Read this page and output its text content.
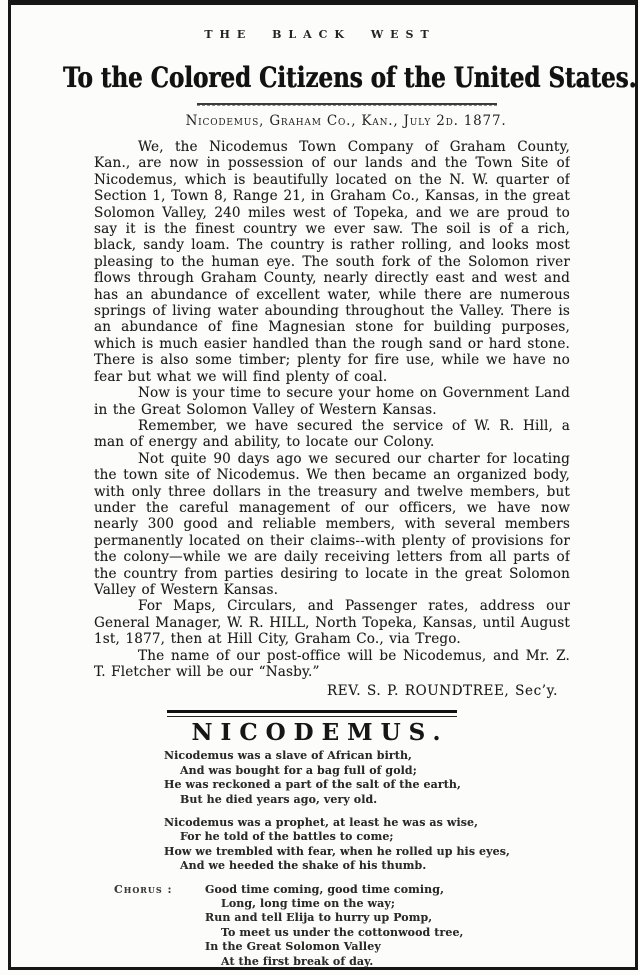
THE BLACK WEST
To the Colored Citizens of the United States.
Nicodemus, Graham Co., Kan., July 2d. 1877.

We, the Nicodemus Town Company of Graham County, Kan., are now in possession of our lands and the Town Site of Nicodemus, which is beautifully located on the N. W. quarter of Section 1, Town 8, Range 21, in Graham Co., Kansas, in the great Solomon Valley, 240 miles west of Topeka, and we are proud to say it is the finest country we ever saw. The soil is of a rich, black, sandy loam. The country is rather rolling, and looks most pleasing to the human eye. The south fork of the Solomon river flows through Graham County, nearly directly east and west and has an abundance of excellent water, while there are numerous springs of living water abounding throughout the Valley. There is an abundance of fine Magnesian stone for building purposes, which is much easier handled than the rough sand or hard stone. There is also some timber; plenty for fire use, while we have no fear but what we will find plenty of coal.

Now is your time to secure your home on Government Land in the Great Solomon Valley of Western Kansas.

Remember, we have secured the service of W. R. Hill, a man of energy and ability, to locate our Colony.

Not quite 90 days ago we secured our charter for locating the town site of Nicodemus. We then became an organized body, with only three dollars in the treasury and twelve members, but under the careful management of our officers, we have now nearly 300 good and reliable members, with several members permanently located on their claims--with plenty of provisions for the colony—while we are daily receiving letters from all parts of the country from parties desiring to locate in the great Solomon Valley of Western Kansas.

For Maps, Circulars, and Passenger rates, address our General Manager, W. R. HILL, North Topeka, Kansas, until August 1st, 1877, then at Hill City, Graham Co., via Trego.

The name of our post-office will be Nicodemus, and Mr. Z. T. Fletcher will be our “Nasby.”

REV. S. P. ROUNDTREE, Sec’y.
NICODEMUS.
Nicodemus was a slave of African birth,
And was bought for a bag full of gold;
He was reckoned a part of the salt of the earth,
But he died years ago, very old.
Nicodemus was a prophet, at least he was as wise,
For he told of the battles to come;
How we trembled with fear, when he rolled up his eyes,
And we heeded the shake of his thumb.
Chorus :	Good time coming, good time coming,
Long, long time on the way;
Run and tell Elija to hurry up Pomp,
To meet us under the cottonwood tree,
In the Great Solomon Valley
At the first break of day.
